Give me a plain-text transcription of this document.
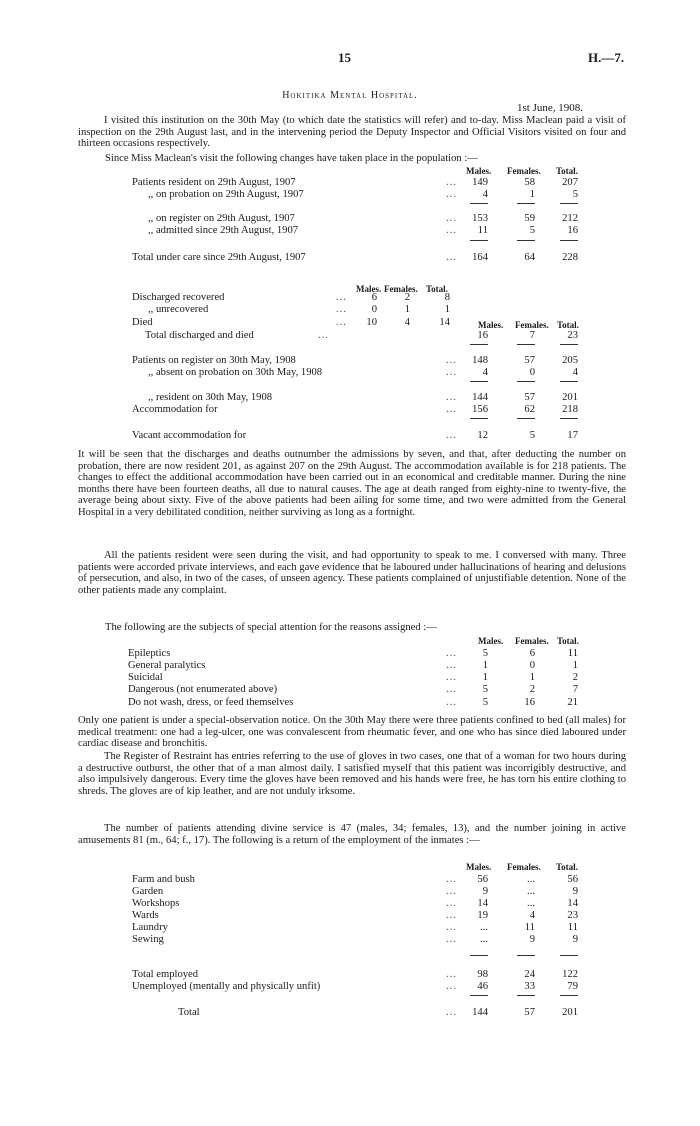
15	H.—7.
Hokitika Mental Hospital.
1st June, 1908.

I visited this institution on the 30th May (to which date the statistics will refer) and to-day. Miss Maclean paid a visit of inspection on the 29th August last, and in the intervening period the Deputy Inspector and Official Visitors visited on four and thirteen occasions respectively.

Since Miss Maclean's visit the following changes have taken place in the population :—

Males. Females. Total.
Patients resident on 29th August, 1907	...	149	58	207
,, on probation on 29th August, 1907	...	4	1	5
,, on register on 29th August, 1907	...	153	59	212
,, admitted since 29th August, 1907	...	11	5	16
Total under care since 29th August, 1907	...	164	64	228
Discharged recovered	...	6	2	8
,, unrecovered	...	0	1	1
Died	...	10	4	14
Total discharged and died	...	16	7	23
Patients on register on 30th May, 1908	...	148	57	205
,, absent on probation on 30th May, 1908	...	4	0	4
,, resident on 30th May, 1908	...	144	57	201
Accommodation for	...	156	62	218
Vacant accommodation for	...	12	5	17
Epileptics	...	5	6	11
General paralytics	...	1	0	1
Suicidal	...	1	1	2
Dangerous (not enumerated above)	...	5	2	7
Do not wash, dress, or feed themselves	...	5	16	21
Farm and bush	...	56	...	56
Garden	...	9	...	9
Workshops	...	14	...	14
Wards	...	19	4	23
Laundry	...	...	11	11
Sewing	...	...	9	9
Total employed	...	98	24	122
Unemployed (mentally and physically unfit)	...	46	33	79
Total	...	144	57	201
Males. Females. Total.
Males. Females. Total.

It will be seen that the discharges and deaths outnumber the admissions by seven, and that, after deducting the number on probation, there are now resident 201, as against 207 on the 29th August. The accommodation available is for 218 patients. The changes to effect the additional accommodation have been carried out in an economical and creditable manner. During the nine months there have been fourteen deaths, all due to natural causes. The age at death ranged from eighty-nine to twenty-five, the average being about sixty. Five of the above patients had been ailing for some time, and two were admitted from the General Hospital in a very debilitated condition, neither surviving as long as a fortnight.

All the patients resident were seen during the visit, and had opportunity to speak to me. I conversed with many. Three patients were accorded private interviews, and each gave evidence that he laboured under hallucinations of hearing and delusions of persecution, and also, in two of the cases, of unseen agency. These patients complained of unjustifiable detention. None of the other patients made any complaint.

The following are the subjects of special attention for the reasons assigned :—

Males. Females. Total.

Only one patient is under a special-observation notice. On the 30th May there were three patients confined to bed (all males) for medical treatment: one had a leg-ulcer, one was convalescent from rheumatic fever, and one who has since died laboured under cardiac disease and bronchitis.

The Register of Restraint has entries referring to the use of gloves in two cases, one that of a woman for two hours during a destructive outburst, the other that of a man almost daily. I satisfied myself that this patient was incorrigibly destructive, and also impulsively dangerous. Every time the gloves have been removed and his hands were free, he has torn his entire clothing to shreds. The gloves are of kip leather, and are not unduly irksome.

The number of patients attending divine service is 47 (males, 34; females, 13), and the number joining in active amusements 81 (m., 64; f., 17). The following is a return of the employment of the inmates :—

Males. Females. Total.
